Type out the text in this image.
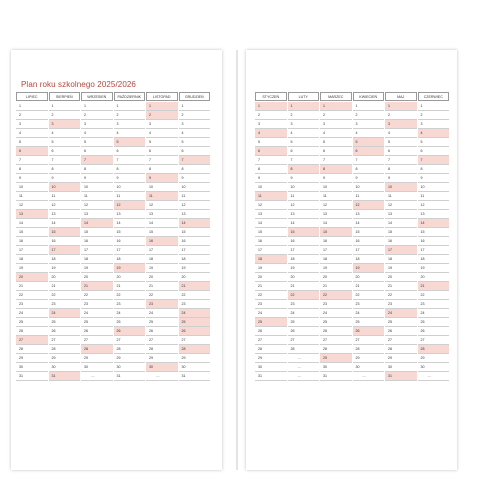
Plan roku szkolnego 2025/2026
LIPIEC
1
2
3
4
5
6
7
8
9
10
11
12
13
14
15
16
17
18
19
20
21
22
23
24
25
26
27
28
29
30
31
SIERPIEŃ
1
2
3
4
5
6
7
8
9
10
11
12
13
14
15
16
17
18
19
20
21
22
23
24
25
26
27
28
29
30
31
WRZESIEŃ
1
2
3
4
5
6
7
8
9
10
11
12
13
14
15
16
17
18
19
20
21
22
23
24
25
26
27
28
29
30
—
PAŹDZIERNIK
1
2
3
4
5
6
7
8
9
10
11
12
13
14
15
16
17
18
19
20
21
22
23
24
25
26
27
28
29
30
31
LISTOPAD
1
2
3
4
5
6
7
8
9
10
11
12
13
14
15
16
17
18
19
20
21
22
23
24
25
26
27
28
29
30
—
GRUDZIEŃ
1
2
3
4
5
6
7
8
9
10
11
12
13
14
15
16
17
18
19
20
21
22
23
24
25
26
27
28
29
30
31
STYCZEŃ
1
2
3
4
5
6
7
8
9
10
11
12
13
14
15
16
17
18
19
20
21
22
23
24
25
26
27
28
29
30
31
LUTY
1
2
3
4
5
6
7
8
9
10
11
12
13
14
15
16
17
18
19
20
21
22
23
24
25
26
27
28
—
—
—
MARZEC
1
2
3
4
5
6
7
8
9
10
11
12
13
14
15
16
17
18
19
20
21
22
23
24
25
26
27
28
29
30
31
KWIECIEŃ
1
2
3
4
5
6
7
8
9
10
11
12
13
14
15
16
17
18
19
20
21
22
23
24
25
26
27
28
29
30
—
MAJ
1
2
3
4
5
6
7
8
9
10
11
12
13
14
15
16
17
18
19
20
21
22
23
24
25
26
27
28
29
30
31
CZERWIEC
1
2
3
4
5
6
7
8
9
10
11
12
13
14
15
16
17
18
19
20
21
22
23
24
25
26
27
28
29
30
—
